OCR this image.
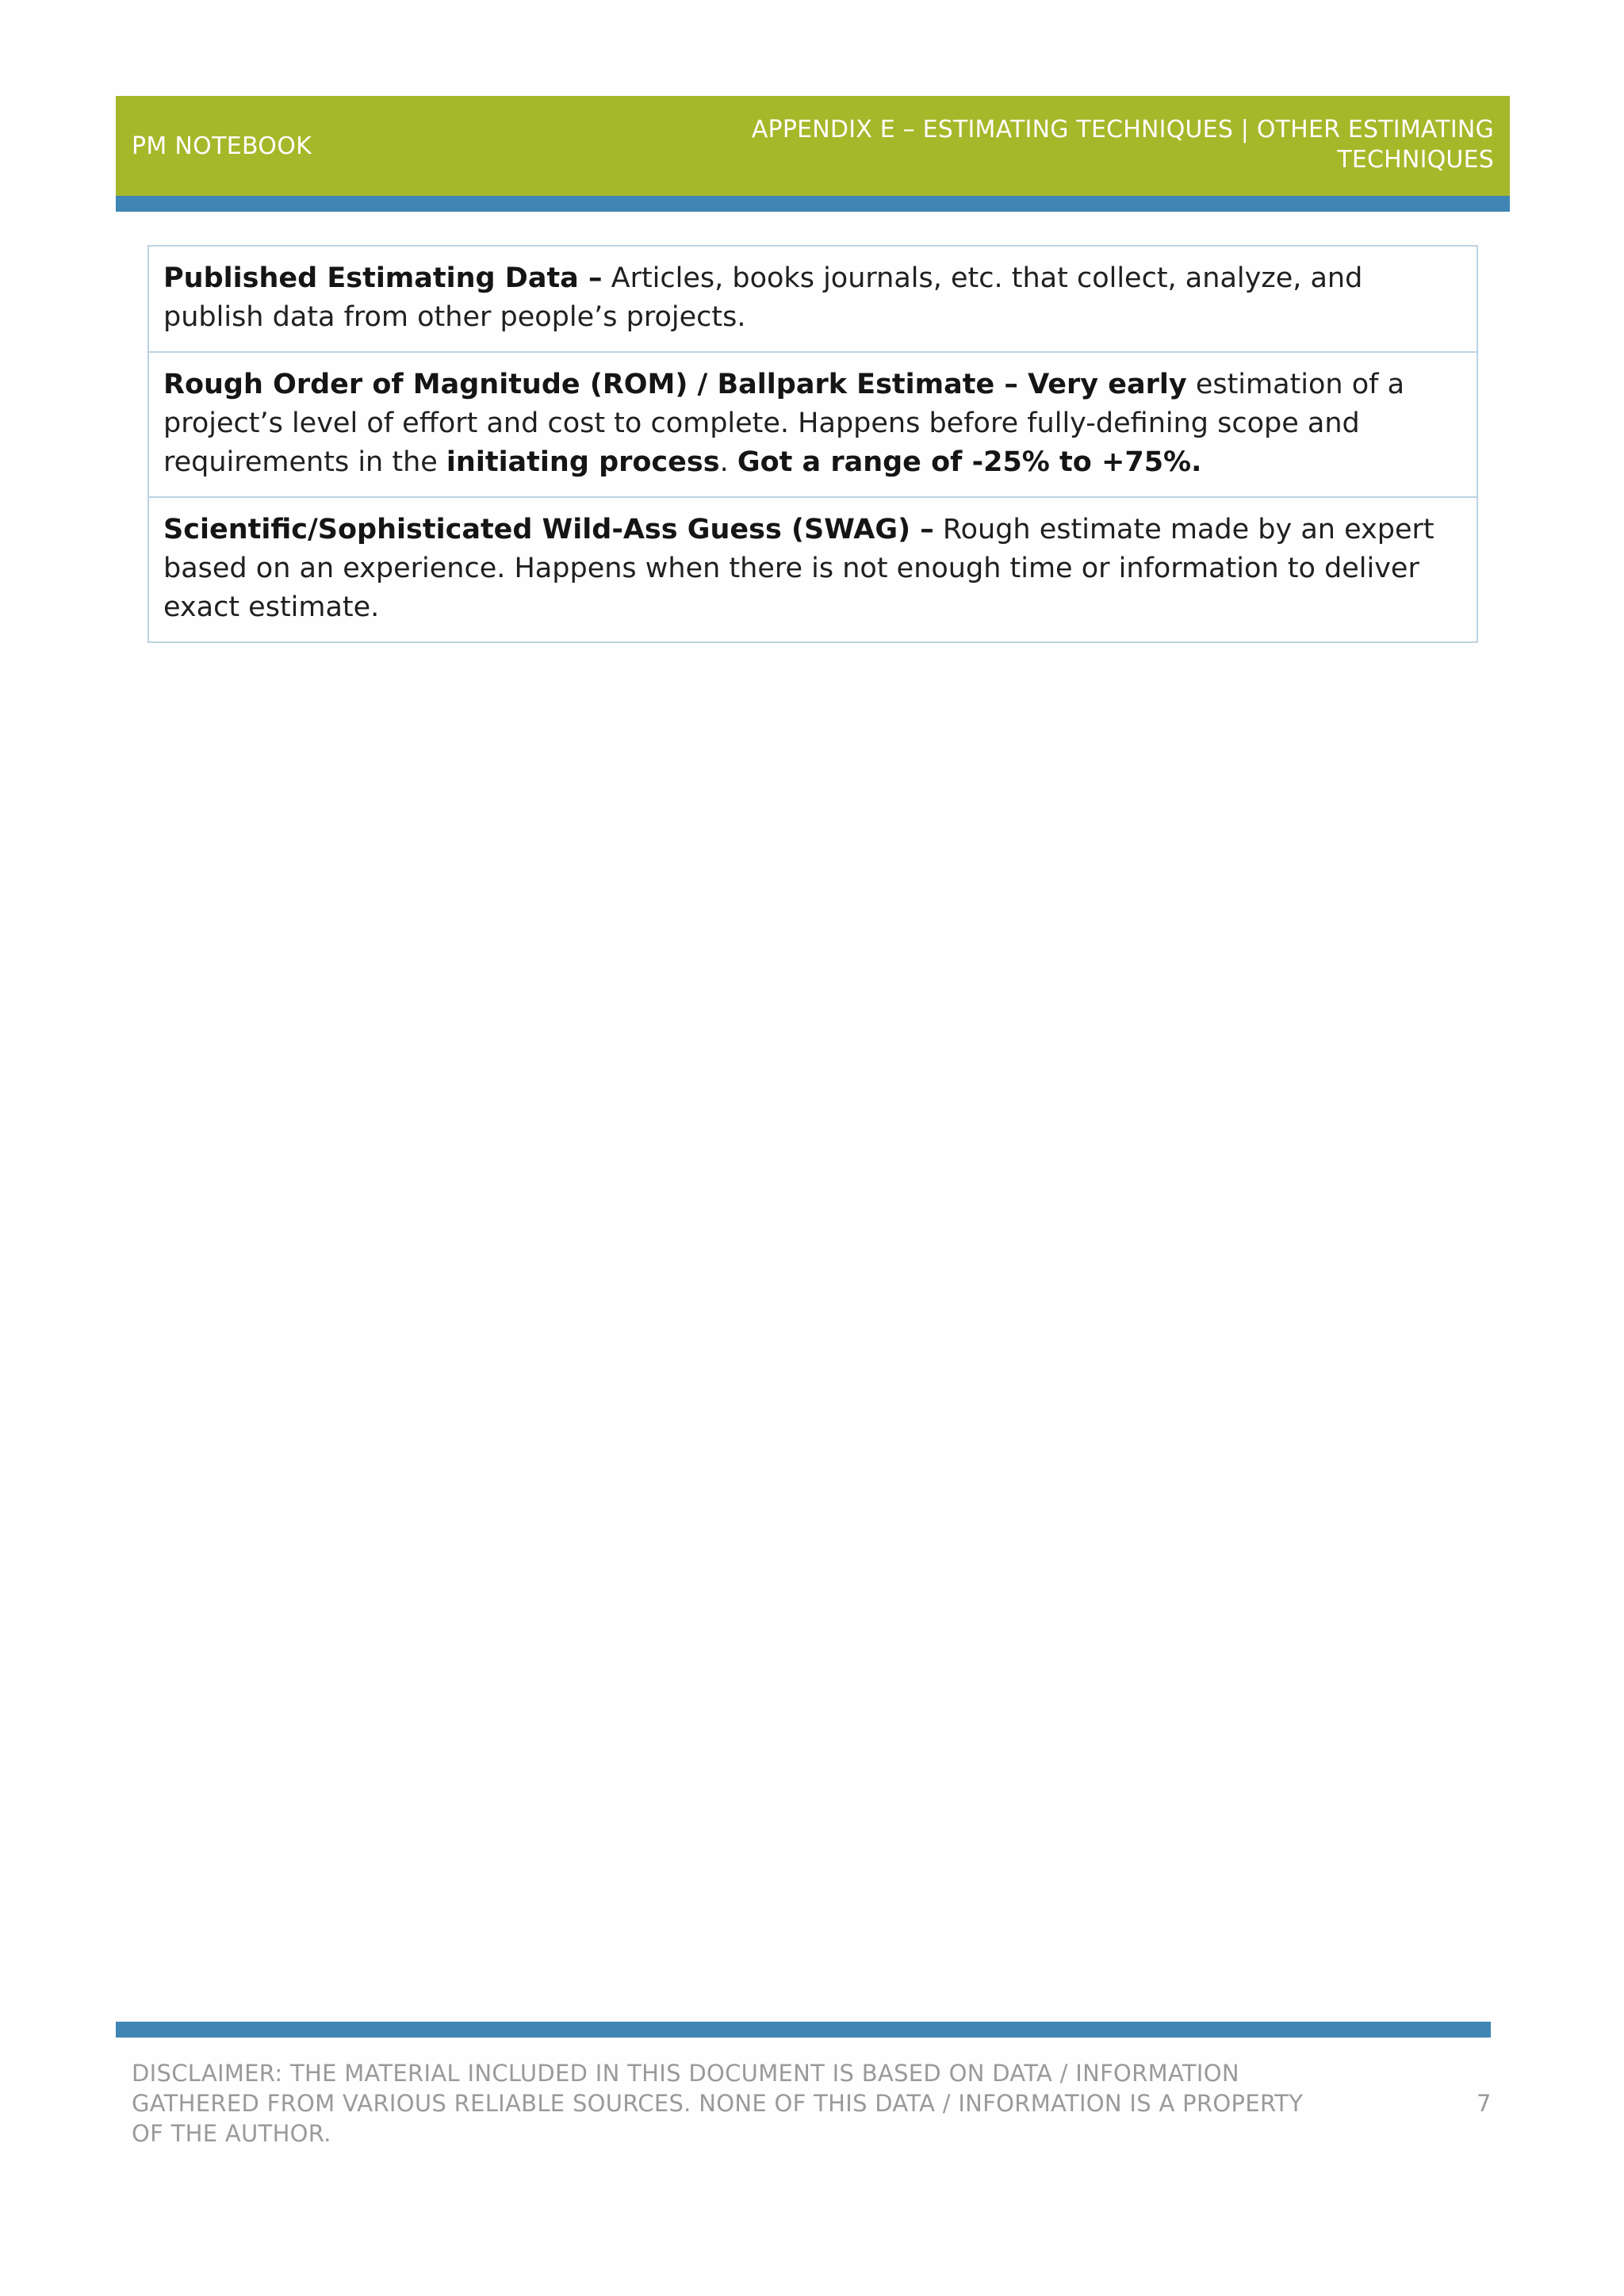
PM NOTEBOOK
APPENDIX E – ESTIMATING TECHNIQUES | OTHER ESTIMATING
TECHNIQUES
Published Estimating Data – Articles, books journals, etc. that collect, analyze, and publish data from other people’s projects.
Rough Order of Magnitude (ROM) / Ballpark Estimate – Very early estimation of a project’s level of effort and cost to complete. Happens before fully-defining scope and requirements in the initiating process. Got a range of -25% to +75%.
Scientific/Sophisticated Wild-Ass Guess (SWAG) – Rough estimate made by an expert based on an experience. Happens when there is not enough time or information to deliver exact estimate.
DISCLAIMER: THE MATERIAL INCLUDED IN THIS DOCUMENT IS BASED ON DATA / INFORMATION
GATHERED FROM VARIOUS RELIABLE SOURCES. NONE OF THIS DATA / INFORMATION IS A PROPERTY
OF THE AUTHOR.
7
